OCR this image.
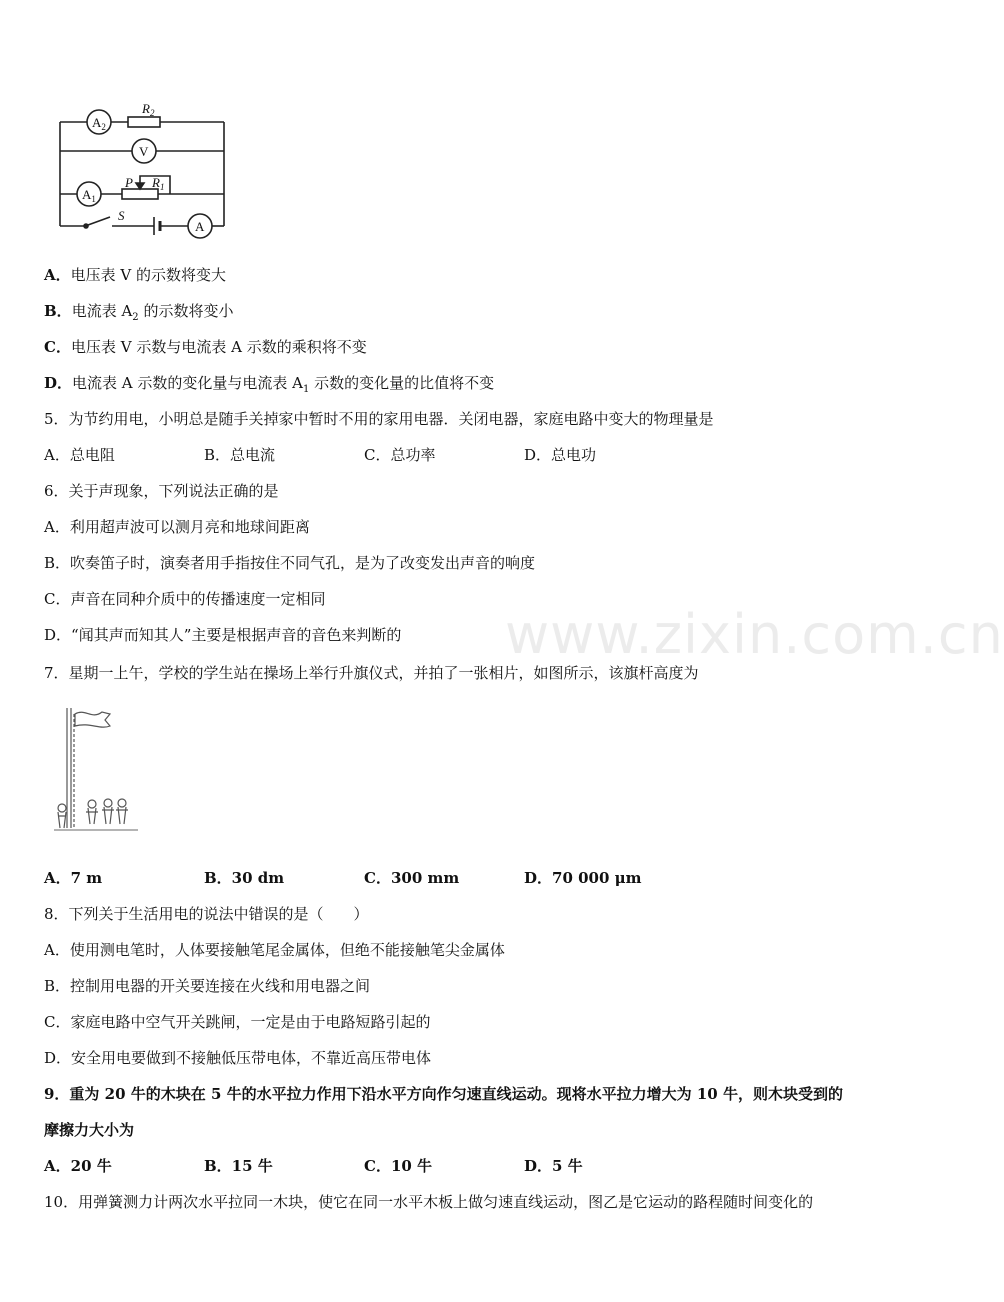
$A_2$
$R_2$
V
$A_1$
P $R_1$
S
A
A．电压表 V 的示数将变大
B．电流表 $A_2$ 的示数将变小
C．电压表 V 示数与电流表 A 示数的乘积将不变
D．电流表 A 示数的变化量与电流表 $A_1$ 示数的变化量的比值将不变
5．为节约用电，小明总是随手关掉家中暂时不用的家用电器．关闭电器，家庭电路中变大的物理量是
A．总电阻	B．总电流	C．总功率	D．总电功
6．关于声现象，下列说法正确的是
A．利用超声波可以测月亮和地球间距离
B．吹奏笛子时，演奏者用手指按住不同气孔，是为了改变发出声音的响度
C．声音在同种介质中的传播速度一定相同
D．“闻其声而知其人”主要是根据声音的音色来判断的 www.zixin.com.cn
7．星期一上午，学校的学生站在操场上举行升旗仪式，并拍了一张相片，如图所示，该旗杆高度为
A．7 m	B．30 dm	C．300 mm	D．70 000 μm
8．下列关于生活用电的说法中错误的是（　　）
A．使用测电笔时，人体要接触笔尾金属体，但绝不能接触笔尖金属体
B．控制用电器的开关要连接在火线和用电器之间
C．家庭电路中空气开关跳闸，一定是由于电路短路引起的
D．安全用电要做到不接触低压带电体，不靠近高压带电体
9．重为 20 牛的木块在 5 牛的水平拉力作用下沿水平方向作匀速直线运动。现将水平拉力增大为 10 牛，则木块受到的
摩擦力大小为
A．20 牛	B．15 牛	C．10 牛	D．5 牛
10．用弹簧测力计两次水平拉同一木块，使它在同一水平木板上做匀速直线运动，图乙是它运动的路程随时间变化的
